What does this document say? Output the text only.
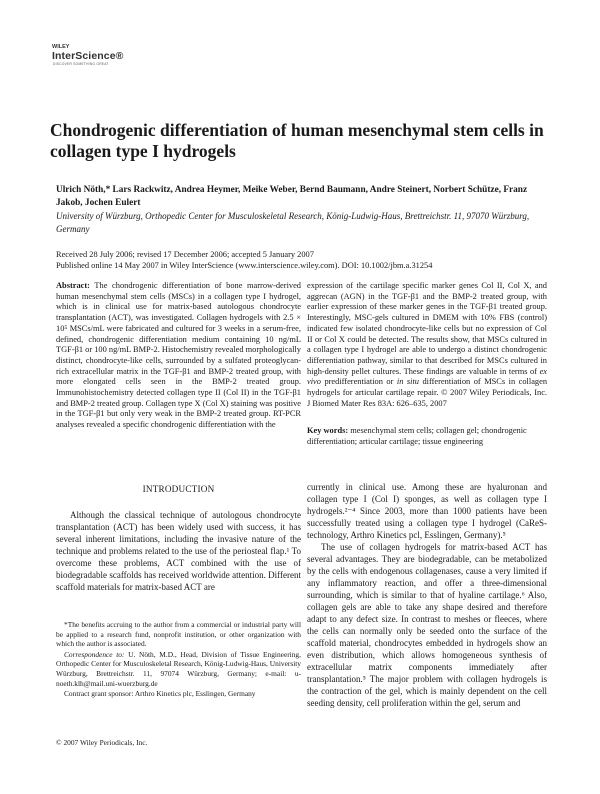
WILEY
InterScience®
DISCOVER SOMETHING GREAT
Chondrogenic differentiation of human mesenchymal stem cells in collagen type I hydrogels
Ulrich Nöth,* Lars Rackwitz, Andrea Heymer, Meike Weber, Bernd Baumann, Andre Steinert, Norbert Schütze, Franz Jakob, Jochen Eulert
University of Würzburg, Orthopedic Center for Musculoskeletal Research, König-Ludwig-Haus, Brettreichstr. 11, 97070 Würzburg, Germany
Received 28 July 2006; revised 17 December 2006; accepted 5 January 2007
Published online 14 May 2007 in Wiley InterScience (www.interscience.wiley.com). DOI: 10.1002/jbm.a.31254
Abstract: The chondrogenic differentiation of bone marrow-derived human mesenchymal stem cells (MSCs) in a collagen type I hydrogel, which is in clinical use for matrix-based autologous chondrocyte transplantation (ACT), was investigated. Collagen hydrogels with 2.5 × 10⁵ MSCs/mL were fabricated and cultured for 3 weeks in a serum-free, defined, chondrogenic differentiation medium containing 10 ng/mL TGF-β1 or 100 ng/mL BMP-2. Histochemistry revealed morphologically distinct, chondrocyte-like cells, surrounded by a sulfated proteoglycan-rich extracellular matrix in the TGF-β1 and BMP-2 treated group, with more elongated cells seen in the BMP-2 treated group. Immunohistochemistry detected collagen type II (Col II) in the TGF-β1 and BMP-2 treated group. Collagen type X (Col X) staining was positive in the TGF-β1 but only very weak in the BMP-2 treated group. RT-PCR analyses revealed a specific chondrogenic differentiation with the
expression of the cartilage specific marker genes Col II, Col X, and aggrecan (AGN) in the TGF-β1 and the BMP-2 treated group, with earlier expression of these marker genes in the TGF-β1 treated group. Interestingly, MSC-gels cultured in DMEM with 10% FBS (control) indicated few isolated chondrocyte-like cells but no expression of Col II or Col X could be detected. The results show, that MSCs cultured in a collagen type I hydrogel are able to undergo a distinct chondrogenic differentiation pathway, similar to that described for MSCs cultured in high-density pellet cultures. These findings are valuable in terms of ex vivo predifferentiation or in situ differentiation of MSCs in collagen hydrogels for articular cartilage repair. © 2007 Wiley Periodicals, Inc. J Biomed Mater Res 83A: 626–635, 2007
Key words: mesenchymal stem cells; collagen gel; chondrogenic differentiation; articular cartilage; tissue engineering
INTRODUCTION

Although the classical technique of autologous chondrocyte transplantation (ACT) has been widely used with success, it has several inherent limitations, including the invasive nature of the technique and problems related to the use of the periosteal flap.¹ To overcome these problems, ACT combined with the use of biodegradable scaffolds has received worldwide attention. Different scaffold materials for matrix-based ACT are

*The benefits accruing to the author from a commercial or industrial party will be applied to a research fund, nonprofit institution, or other organization with which the author is associated.

Correspondence to: U. Nöth, M.D., Head, Division of Tissue Engineering, Orthopedic Center for Musculoskeletal Research, König-Ludwig-Haus, University Würzburg, Brettreichstr. 11, 97074 Würzburg, Germany; e-mail: u-noeth.klh@mail.uni-wuerzburg.de

Contract grant sponsor: Arthro Kinetics plc, Esslingen, Germany

© 2007 Wiley Periodicals, Inc.

currently in clinical use. Among these are hyaluronan and collagen type I (Col I) sponges, as well as collagen type I hydrogels.²⁻⁴ Since 2003, more than 1000 patients have been successfully treated using a collagen type I hydrogel (CaReS-technology, Arthro Kinetics pcl, Esslingen, Germany).⁵

The use of collagen hydrogels for matrix-based ACT has several advantages. They are biodegradable, can be metabolized by the cells with endogenous collagenases, cause a very limited if any inflammatory reaction, and offer a three-dimensional surrounding, which is similar to that of hyaline cartilage.⁶ Also, collagen gels are able to take any shape desired and therefore adapt to any defect size. In contrast to meshes or fleeces, where the cells can normally only be seeded onto the surface of the scaffold material, chondrocytes embedded in hydrogels show an even distribution, which allows homogeneous synthesis of extracellular matrix components immediately after transplantation.⁵ The major problem with collagen hydrogels is the contraction of the gel, which is mainly dependent on the cell seeding density, cell proliferation within the gel, serum and
